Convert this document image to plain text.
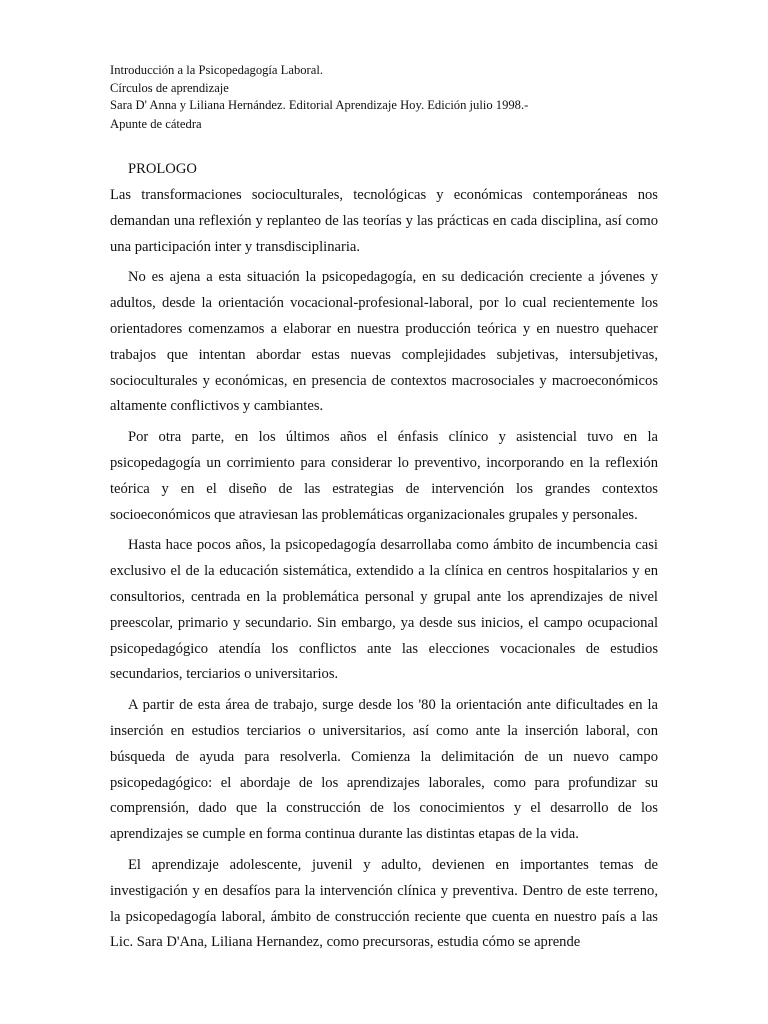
Introducción a la Psicopedagogía Laboral.

Círculos de aprendizaje

Sara D' Anna y Liliana Hernández. Editorial Aprendizaje Hoy. Edición julio 1998.-

Apunte de cátedra

PROLOGO

Las transformaciones socioculturales, tecnológicas y económicas contemporáneas nos demandan una reflexión y replanteo de las teorías y las prácticas en cada disciplina, así como una participación inter y transdisciplinaria.

No es ajena a esta situación la psicopedagogía, en su dedicación creciente a jóvenes y adultos, desde la orientación vocacional-profesional-laboral, por lo cual recientemente los orientadores comenzamos a elaborar en nuestra producción teórica y en nuestro quehacer trabajos que intentan abordar estas nuevas complejidades subjetivas, intersubjetivas, socioculturales y económicas, en presencia de contextos macrosociales y macroeconómicos altamente conflictivos y cambiantes.

Por otra parte, en los últimos años el énfasis clínico y asistencial tuvo en la psicopedagogía un corrimiento para considerar lo preventivo, incorporando en la reflexión teórica y en el diseño de las estrategias de intervención los grandes contextos socioeconómicos que atraviesan las problemáticas organizacionales grupales y personales.

Hasta hace pocos años, la psicopedagogía desarrollaba como ámbito de incumbencia casi exclusivo el de la educación sistemática, extendido a la clínica en centros hospitalarios y en consultorios, centrada en la problemática personal y grupal ante los aprendizajes de nivel preescolar, primario y secundario. Sin embargo, ya desde sus inicios, el campo ocupacional psicopedagógico atendía los conflictos ante las elecciones vocacionales de estudios secundarios, terciarios o universitarios.

A partir de esta área de trabajo, surge desde los '80 la orientación ante dificultades en la inserción en estudios terciarios o universitarios, así como ante la inserción laboral, con búsqueda de ayuda para resolverla. Comienza la delimitación de un nuevo campo psicopedagógico: el abordaje de los aprendizajes laborales, como para profundizar su comprensión, dado que la construcción de los conocimientos y el desarrollo de los aprendizajes se cumple en forma continua durante las distintas etapas de la vida.

El aprendizaje adolescente, juvenil y adulto, devienen en importantes temas de investigación y en desafíos para la intervención clínica y preventiva. Dentro de este terreno, la psicopedagogía laboral, ámbito de construcción reciente que cuenta en nuestro país a las Lic. Sara D'Ana, Liliana Hernandez, como precursoras, estudia cómo se aprende
